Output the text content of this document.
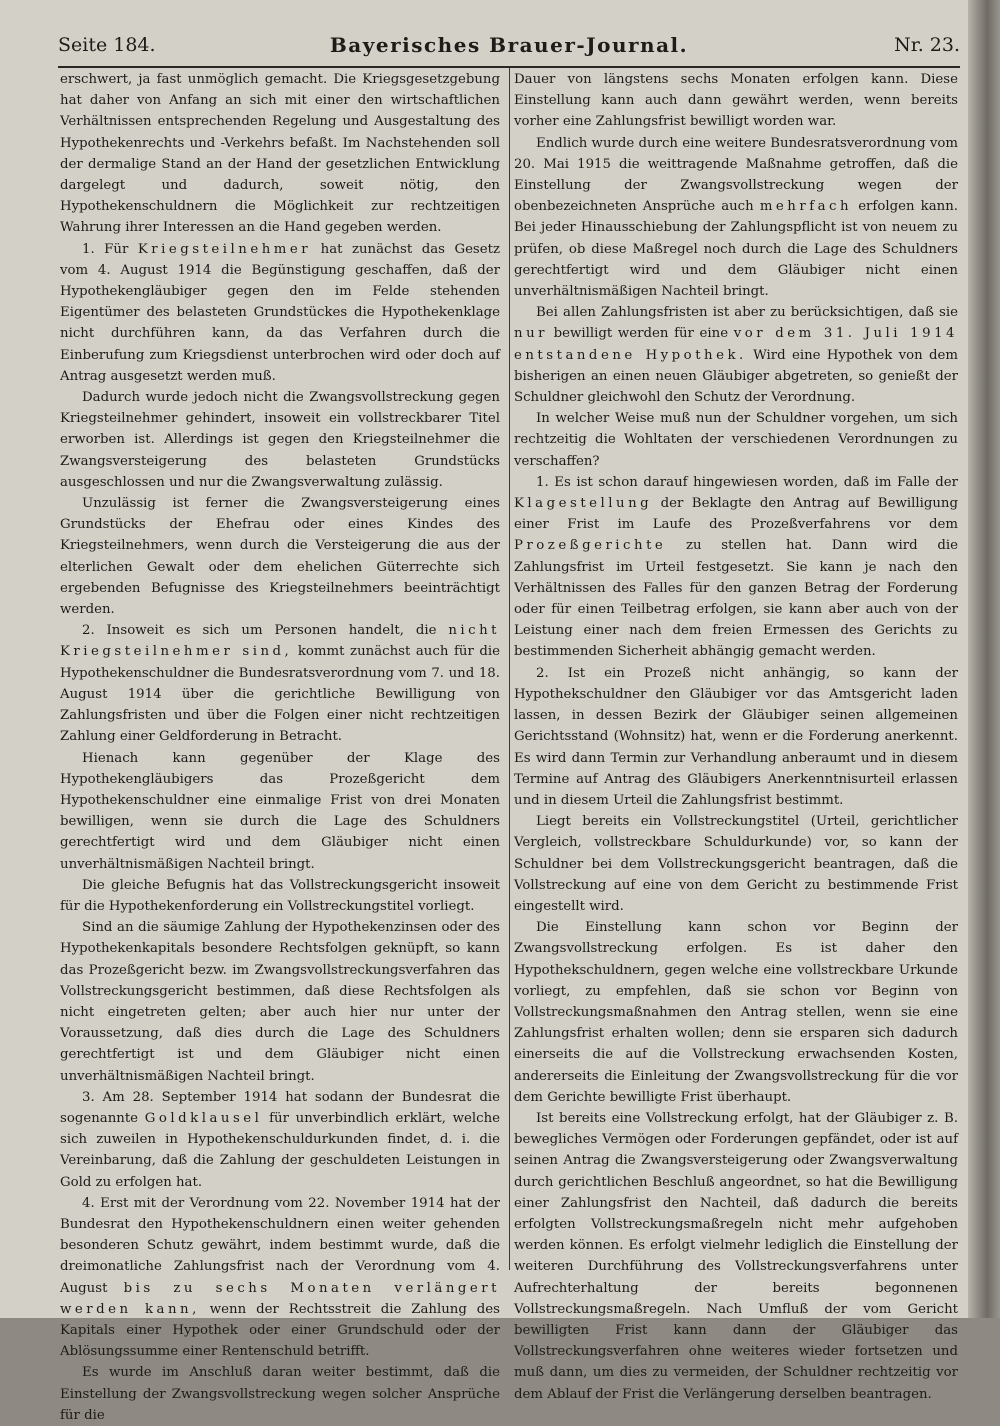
Seite 184.	Bayerisches Brauer-Journal.	Nr. 23.

erschwert, ja fast unmöglich gemacht. Die Kriegsgesetzgebung hat daher von Anfang an sich mit einer den wirtschaftlichen Verhältnissen entsprechenden Regelung und Ausgestaltung des Hypothekenrechts und -Verkehrs befaßt. Im Nachstehenden soll der dermalige Stand an der Hand der gesetzlichen Entwicklung dargelegt und dadurch, soweit nötig, den Hypothekenschuldnern die Möglichkeit zur rechtzeitigen Wahrung ihrer Interessen an die Hand gegeben werden.

1. Für Kriegsteilnehmer hat zunächst das Gesetz vom 4. August 1914 die Begünstigung geschaffen, daß der Hypothekengläubiger gegen den im Felde stehenden Eigentümer des belasteten Grundstückes die Hypothekenklage nicht durchführen kann, da das Verfahren durch die Einberufung zum Kriegsdienst unterbrochen wird oder doch auf Antrag ausgesetzt werden muß.

Dadurch wurde jedoch nicht die Zwangsvollstreckung gegen Kriegsteilnehmer gehindert, insoweit ein vollstreckbarer Titel erworben ist. Allerdings ist gegen den Kriegsteilnehmer die Zwangsversteigerung des belasteten Grundstücks ausgeschlossen und nur die Zwangsverwaltung zulässig.

Unzulässig ist ferner die Zwangsversteigerung eines Grundstücks der Ehefrau oder eines Kindes des Kriegsteilnehmers, wenn durch die Versteigerung die aus der elterlichen Gewalt oder dem ehelichen Güterrechte sich ergebenden Befugnisse des Kriegsteilnehmers beeinträchtigt werden.

2. Insoweit es sich um Personen handelt, die nicht Kriegsteilnehmer sind, kommt zunächst auch für die Hypothekenschuldner die Bundesratsverordnung vom 7. und 18. August 1914 über die gerichtliche Bewilligung von Zahlungsfristen und über die Folgen einer nicht rechtzeitigen Zahlung einer Geldforderung in Betracht.

Hienach kann gegenüber der Klage des Hypothekengläubigers das Prozeßgericht dem Hypothekenschuldner eine einmalige Frist von drei Monaten bewilligen, wenn sie durch die Lage des Schuldners gerechtfertigt wird und dem Gläubiger nicht einen unverhältnismäßigen Nachteil bringt.

Die gleiche Befugnis hat das Vollstreckungsgericht insoweit für die Hypothekenforderung ein Vollstreckungstitel vorliegt.

Sind an die säumige Zahlung der Hypothekenzinsen oder des Hypothekenkapitals besondere Rechtsfolgen geknüpft, so kann das Prozeßgericht bezw. im Zwangsvollstreckungsverfahren das Vollstreckungsgericht bestimmen, daß diese Rechtsfolgen als nicht eingetreten gelten; aber auch hier nur unter der Voraussetzung, daß dies durch die Lage des Schuldners gerechtfertigt ist und dem Gläubiger nicht einen unverhältnismäßigen Nachteil bringt.

3. Am 28. September 1914 hat sodann der Bundesrat die sogenannte Goldklausel für unverbindlich erklärt, welche sich zuweilen in Hypothekenschuldurkunden findet, d. i. die Vereinbarung, daß die Zahlung der geschuldeten Leistungen in Gold zu erfolgen hat.

4. Erst mit der Verordnung vom 22. November 1914 hat der Bundesrat den Hypothekenschuldnern einen weiter gehenden besonderen Schutz gewährt, indem bestimmt wurde, daß die dreimonatliche Zahlungsfrist nach der Verordnung vom 4. August bis zu sechs Monaten verlängert werden kann, wenn der Rechtsstreit die Zahlung des Kapitals einer Hypothek oder einer Grundschuld oder der Ablösungssumme einer Rentenschuld betrifft.

Es wurde im Anschluß daran weiter bestimmt, daß die Einstellung der Zwangsvollstreckung wegen solcher Ansprüche für die

Dauer von längstens sechs Monaten erfolgen kann. Diese Einstellung kann auch dann gewährt werden, wenn bereits vorher eine Zahlungsfrist bewilligt worden war.

Endlich wurde durch eine weitere Bundesratsverordnung vom 20. Mai 1915 die weittragende Maßnahme getroffen, daß die Einstellung der Zwangsvollstreckung wegen der obenbezeichneten Ansprüche auch mehrfach erfolgen kann. Bei jeder Hinausschiebung der Zahlungspflicht ist von neuem zu prüfen, ob diese Maßregel noch durch die Lage des Schuldners gerechtfertigt wird und dem Gläubiger nicht einen unverhältnismäßigen Nachteil bringt.

Bei allen Zahlungsfristen ist aber zu berücksichtigen, daß sie nur bewilligt werden für eine vor dem 31. Juli 1914 entstandene Hypothek. Wird eine Hypothek von dem bisherigen an einen neuen Gläubiger abgetreten, so genießt der Schuldner gleichwohl den Schutz der Verordnung.

In welcher Weise muß nun der Schuldner vorgehen, um sich rechtzeitig die Wohltaten der verschiedenen Verordnungen zu verschaffen?

1. Es ist schon darauf hingewiesen worden, daß im Falle der Klagestellung der Beklagte den Antrag auf Bewilligung einer Frist im Laufe des Prozeßverfahrens vor dem Prozeßgerichte zu stellen hat. Dann wird die Zahlungsfrist im Urteil festgesetzt. Sie kann je nach den Verhältnissen des Falles für den ganzen Betrag der Forderung oder für einen Teilbetrag erfolgen, sie kann aber auch von der Leistung einer nach dem freien Ermessen des Gerichts zu bestimmenden Sicherheit abhängig gemacht werden.

2. Ist ein Prozeß nicht anhängig, so kann der Hypothekschuldner den Gläubiger vor das Amtsgericht laden lassen, in dessen Bezirk der Gläubiger seinen allgemeinen Gerichtsstand (Wohnsitz) hat, wenn er die Forderung anerkennt. Es wird dann Termin zur Verhandlung anberaumt und in diesem Termine auf Antrag des Gläubigers Anerkenntnisurteil erlassen und in diesem Urteil die Zahlungsfrist bestimmt.

Liegt bereits ein Vollstreckungstitel (Urteil, gerichtlicher Vergleich, vollstreckbare Schuldurkunde) vor, so kann der Schuldner bei dem Vollstreckungsgericht beantragen, daß die Vollstreckung auf eine von dem Gericht zu bestimmende Frist eingestellt wird.

Die Einstellung kann schon vor Beginn der Zwangsvollstreckung erfolgen. Es ist daher den Hypothekschuldnern, gegen welche eine vollstreckbare Urkunde vorliegt, zu empfehlen, daß sie schon vor Beginn von Vollstreckungsmaßnahmen den Antrag stellen, wenn sie eine Zahlungsfrist erhalten wollen; denn sie ersparen sich dadurch einerseits die auf die Vollstreckung erwachsenden Kosten, andererseits die Einleitung der Zwangsvollstreckung für die vor dem Gerichte bewilligte Frist überhaupt.

Ist bereits eine Vollstreckung erfolgt, hat der Gläubiger z. B. bewegliches Vermögen oder Forderungen gepfändet, oder ist auf seinen Antrag die Zwangsversteigerung oder Zwangsverwaltung durch gerichtlichen Beschluß angeordnet, so hat die Bewilligung einer Zahlungsfrist den Nachteil, daß dadurch die bereits erfolgten Vollstreckungsmaßregeln nicht mehr aufgehoben werden können. Es erfolgt vielmehr lediglich die Einstellung der weiteren Durchführung des Vollstreckungsverfahrens unter Aufrechterhaltung der bereits begonnenen Vollstreckungsmaßregeln. Nach Umfluß der vom Gericht bewilligten Frist kann dann der Gläubiger das Vollstreckungsverfahren ohne weiteres wieder fortsetzen und muß dann, um dies zu vermeiden, der Schuldner rechtzeitig vor dem Ablauf der Frist die Verlängerung derselben beantragen.
